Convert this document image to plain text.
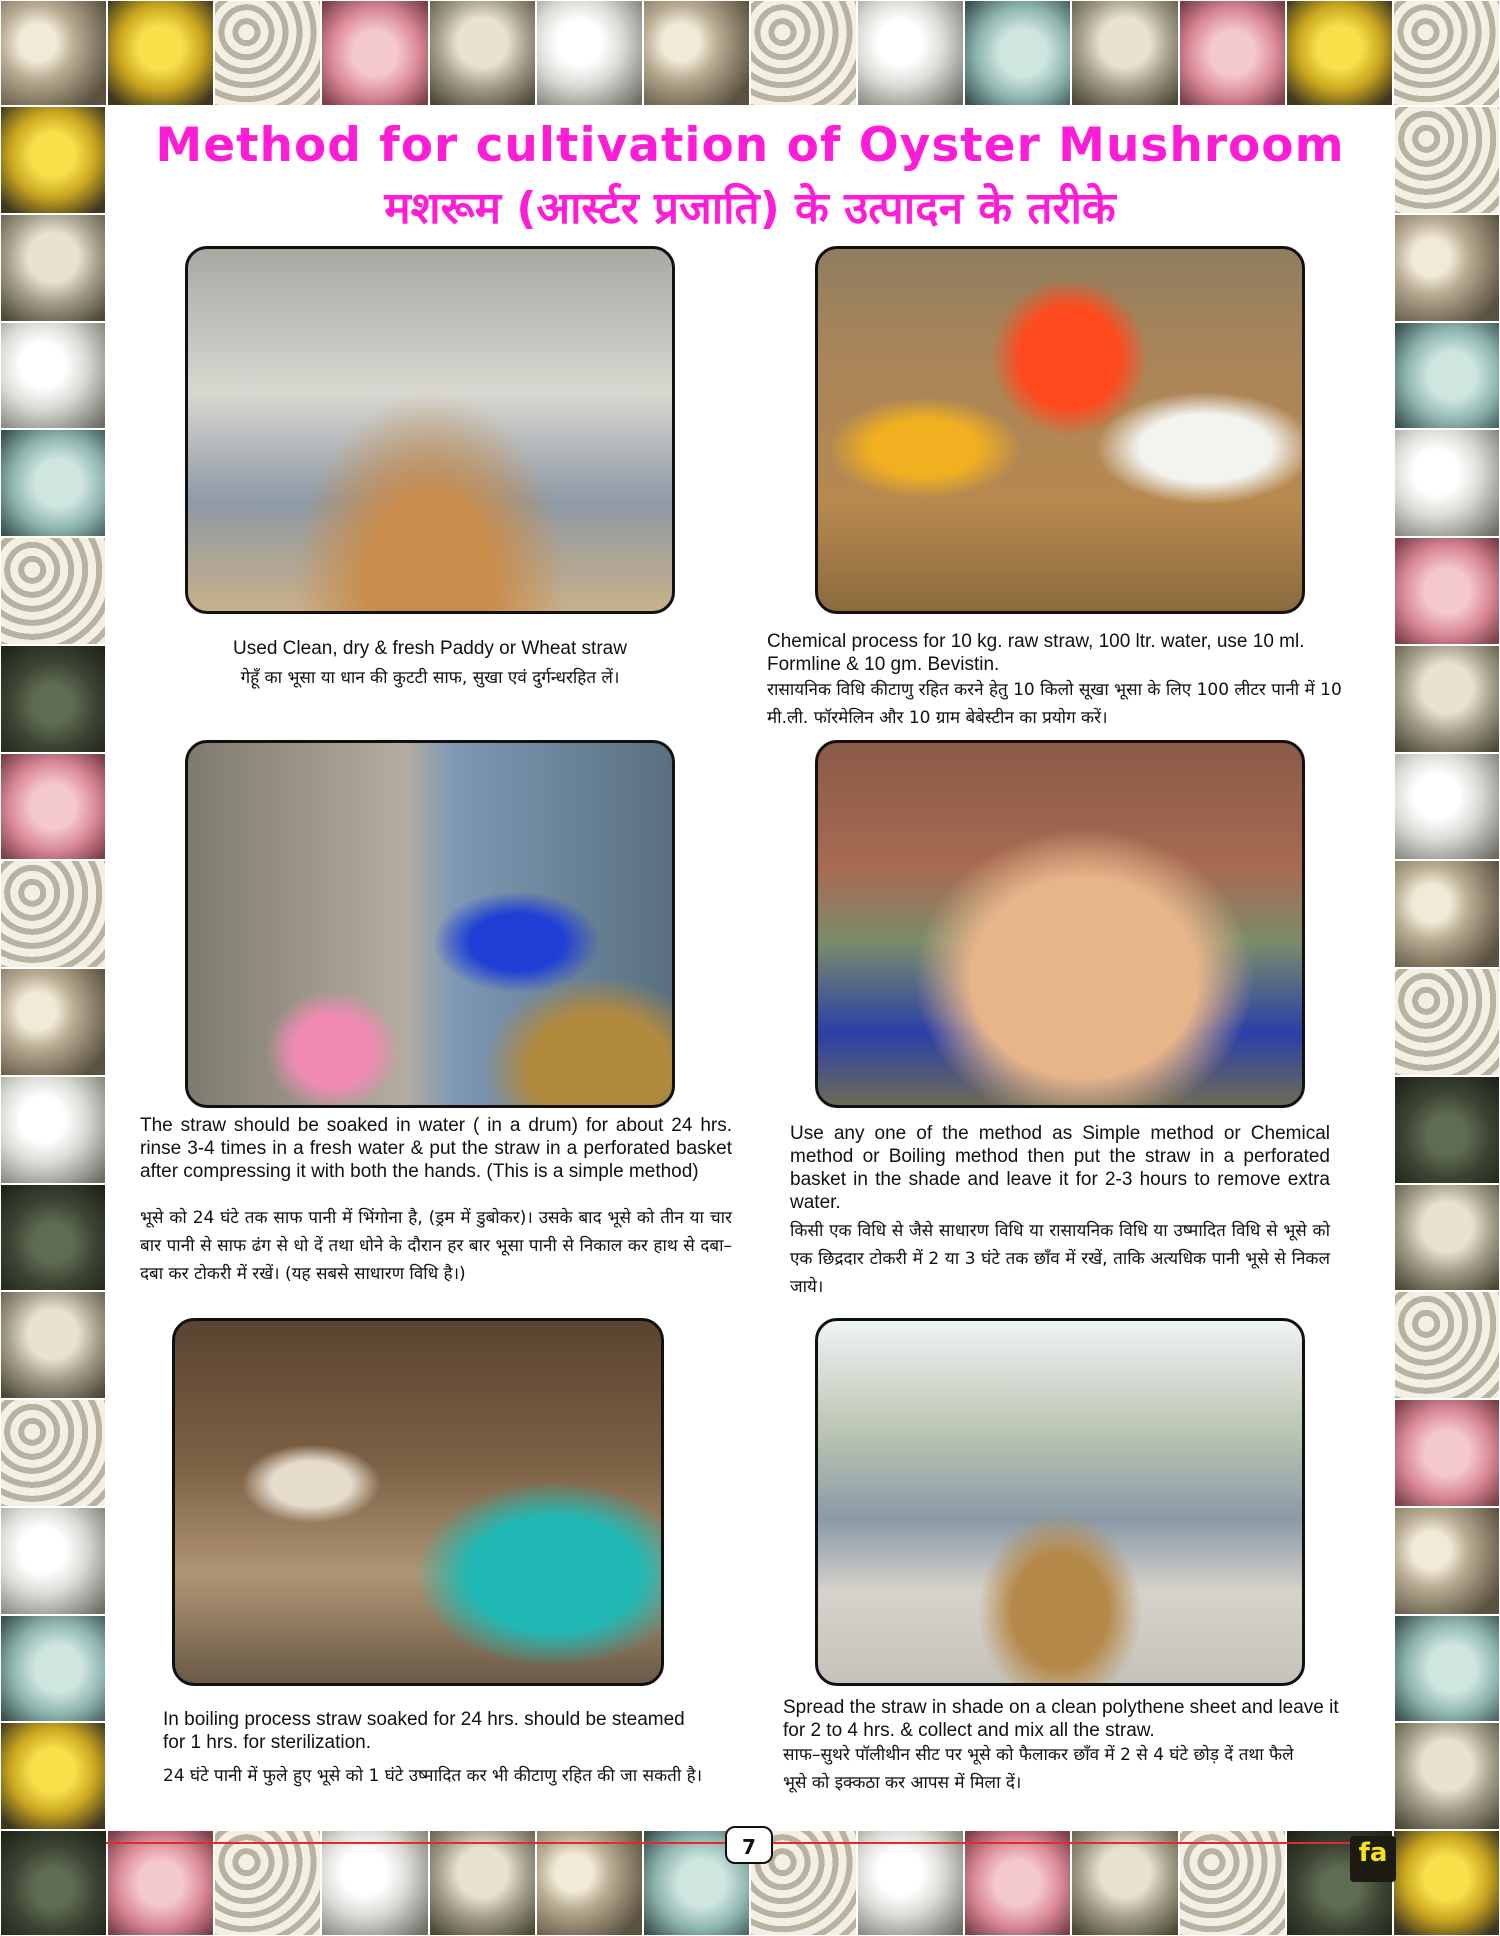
Method for cultivation of Oyster Mushroom
मशरूम (आर्स्टर प्रजाति) के उत्पादन के तरीके
Used Clean, dry & fresh Paddy or Wheat straw
गेहूँ का भूसा या धान की कुटटी साफ, सुखा एवं दुर्गन्धरहित लें।
Chemical process for 10 kg. raw straw, 100 ltr. water, use 10 ml. Formline & 10 gm. Bevistin.
रासायनिक विधि कीटाणु रहित करने हेतु 10 किलो सूखा भूसा के लिए 100 लीटर पानी में 10 मी.ली. फॉरमेलिन और 10 ग्राम बेबेस्टीन का प्रयोग करें।
The straw should be soaked in water ( in a drum) for about 24 hrs. rinse 3-4 times in a fresh water & put the straw in a perforated basket after compressing it with both the hands. (This is a simple method)
भूसे को 24 घंटे तक साफ पानी में भिंगोना है, (ड्रम में डुबोकर)। उसके बाद भूसे को तीन या चार बार पानी से साफ ढंग से धो दें तथा धोने के दौरान हर बार भूसा पानी से निकाल कर हाथ से दबा–दबा कर टोकरी में रखें। (यह सबसे साधारण विधि है।)
Use any one of the method as Simple method or Chemical method or Boiling method then put the straw in a perforated basket in the shade and leave it for 2-3 hours to remove extra water.
किसी एक विधि से जैसे साधारण विधि या रासायनिक विधि या उष्मादित विधि से भूसे को एक छिद्रदार टोकरी में 2 या 3 घंटे तक छाँव में रखें, ताकि अत्यधिक पानी भूसे से निकल जाये।
In boiling process straw soaked for 24 hrs. should be steamed for 1 hrs. for sterilization.
24 घंटे पानी में फुले हुए भूसे को 1 घंटे उष्मादित कर भी कीटाणु रहित की जा सकती है।
Spread the straw in shade on a clean polythene sheet and leave it for 2 to 4 hrs. & collect and mix all the straw.
साफ–सुथरे पॉलीथीन सीट पर भूसे को फैलाकर छाँव में 2 से 4 घंटे छोड़ दें तथा फैले भूसे को इक्कठा कर आपस में मिला दें।
7	fa
